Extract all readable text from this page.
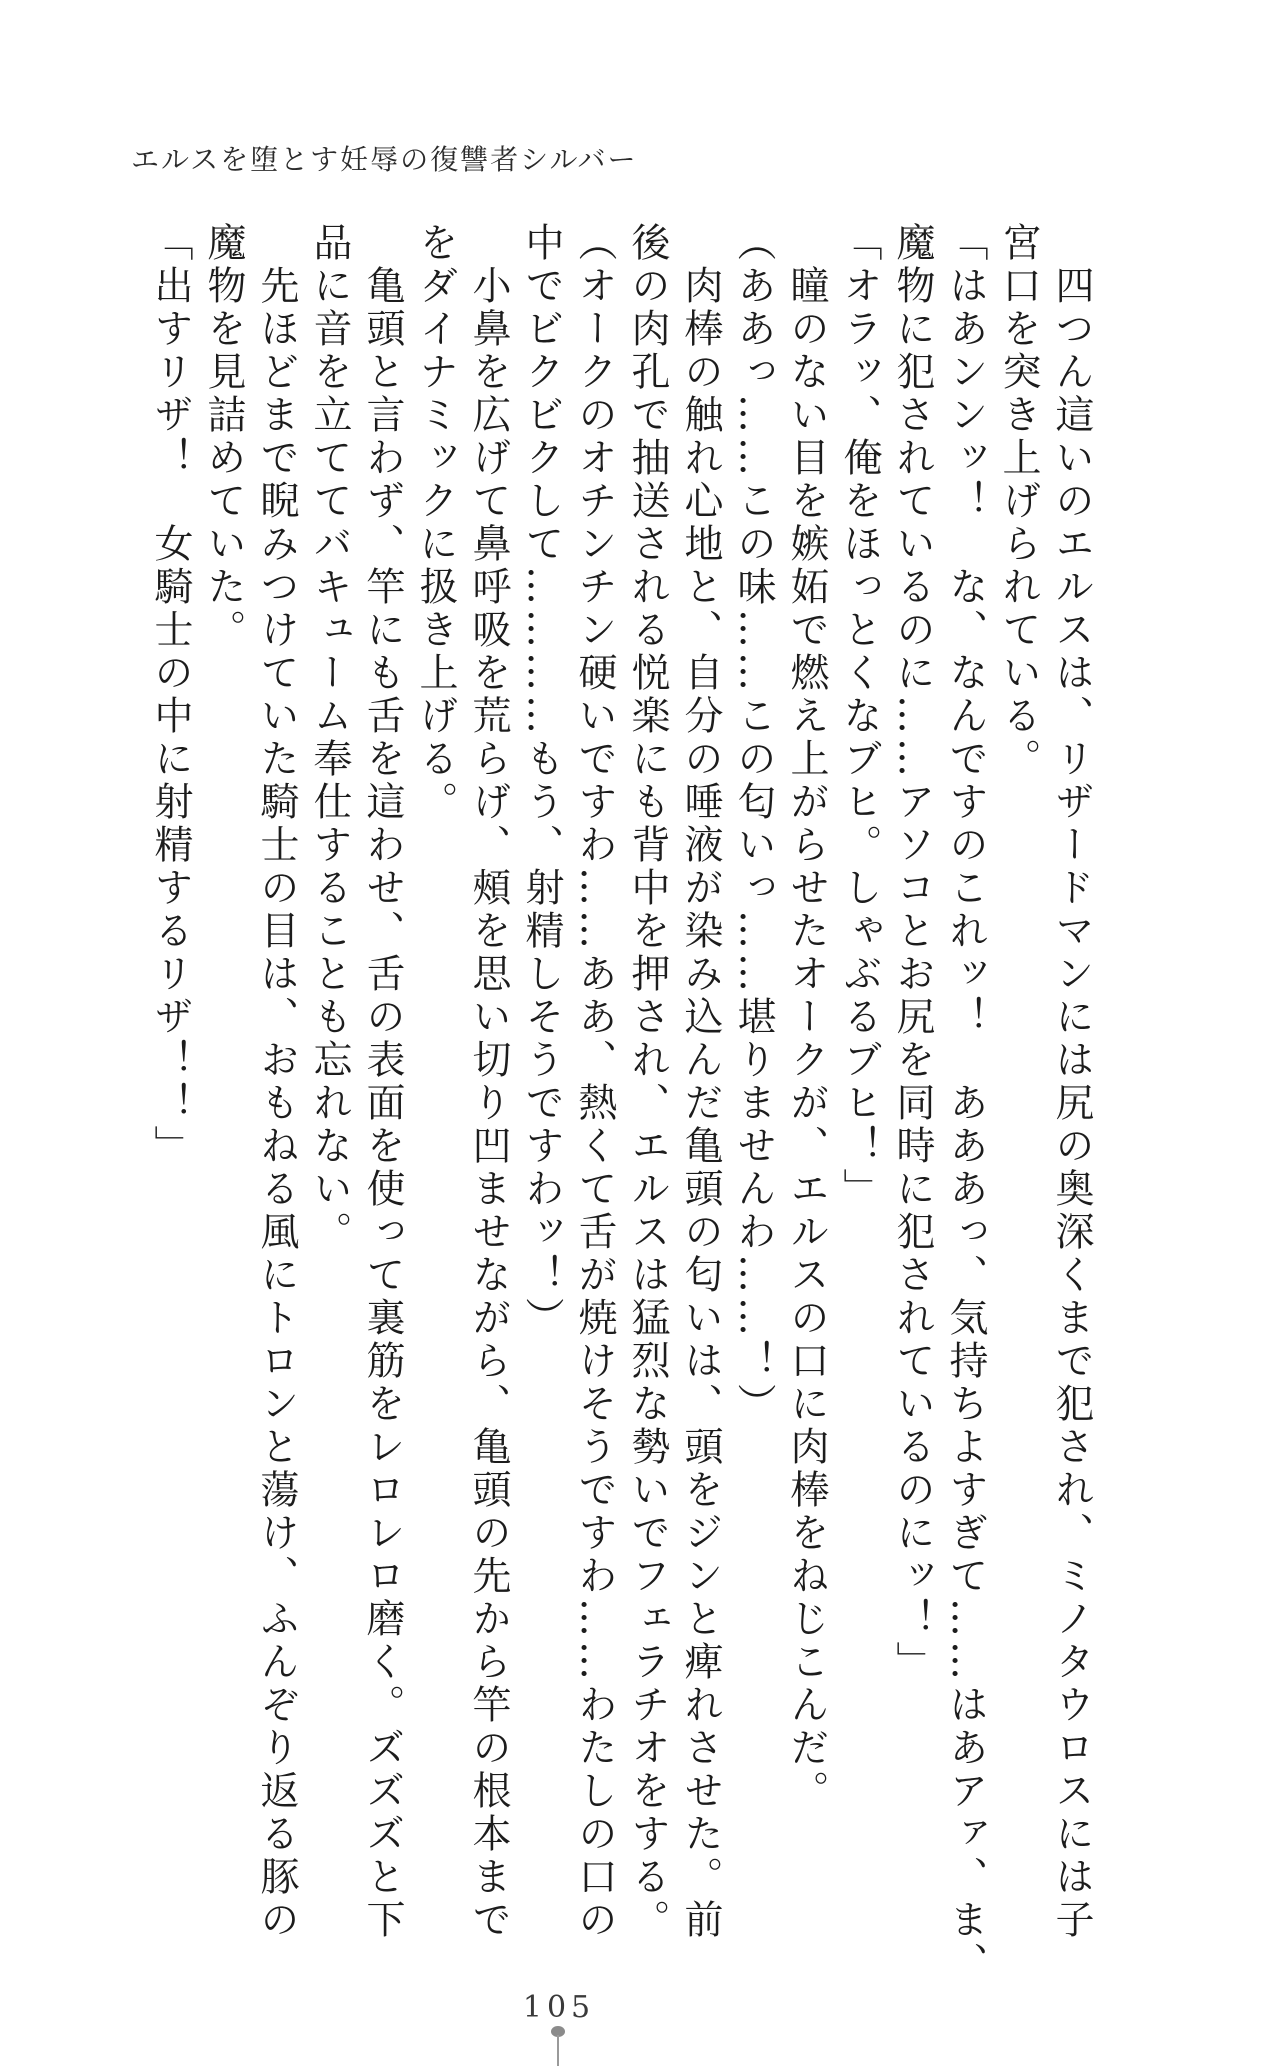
エルスを堕とす妊辱の復讐者シルバー
四つん這いのエルスは、リザードマンには尻の奥深くまで犯され、ミノタウロスには子
宮口を突き上げられている。
「はあンンッ！　な、なんですのこれッ！　あああっ、気持ちよすぎて……はあアァ、ま、
魔物に犯されているのに……アソコとお尻を同時に犯されているのにッ！」
「オラッ、俺をほっとくなブヒ。しゃぶるブヒ！」
瞳のない目を嫉妬で燃え上がらせたオークが、エルスの口に肉棒をねじこんだ。
（ああっ……この味……この匂いっ……堪りませんわ……！）
肉棒の触れ心地と、自分の唾液が染み込んだ亀頭の匂いは、頭をジンと痺れさせた。前
後の肉孔で抽送される悦楽にも背中を押され、エルスは猛烈な勢いでフェラチオをする。
（オークのオチンチン硬いですわ……ああ、熱くて舌が焼けそうですわ……わたしの口の
中でビクビクして…………もう、射精しそうですわッ！）
小鼻を広げて鼻呼吸を荒らげ、頰を思い切り凹ませながら、亀頭の先から竿の根本まで
をダイナミックに扱き上げる。
亀頭と言わず、竿にも舌を這わせ、舌の表面を使って裏筋をレロレロ磨く。ズズズと下
品に音を立ててバキューム奉仕することも忘れない。
先ほどまで睨みつけていた騎士の目は、おもねる風にトロンと蕩け、ふんぞり返る豚の
魔物を見詰めていた。
「出すリザ！　女騎士の中に射精するリザ！！」
105
